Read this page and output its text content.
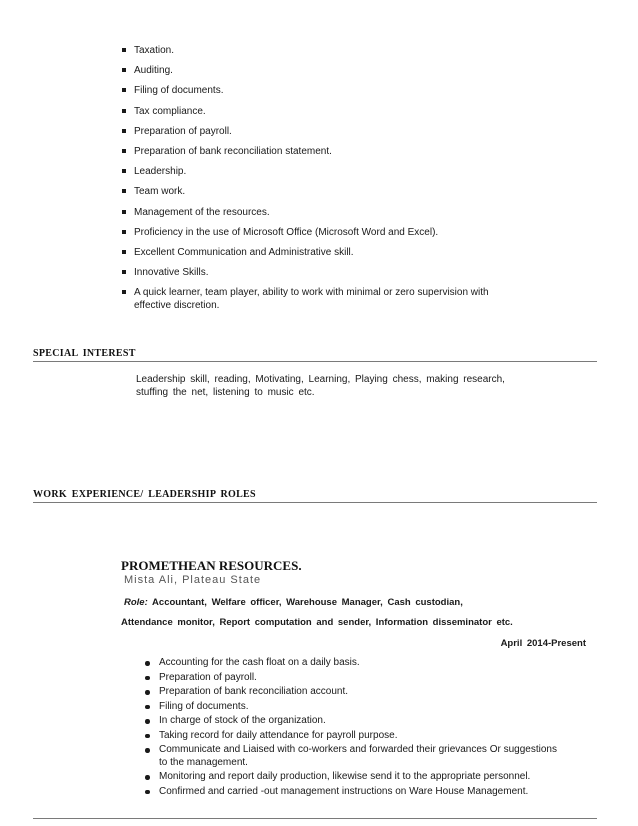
Taxation.
Auditing.
Filing of documents.
Tax compliance.
Preparation of payroll.
Preparation of bank reconciliation statement.
Leadership.
Team work.
Management of the resources.
Proficiency in the use of Microsoft Office (Microsoft Word and Excel).
Excellent Communication and Administrative skill.
Innovative Skills.
A quick learner, team player, ability to work with minimal or zero supervision with effective discretion.
SPECIAL INTEREST
Leadership skill, reading, Motivating, Learning, Playing chess, making research, stuffing the net, listening to music etc.
WORK EXPERIENCE/ LEADERSHIP ROLES
PROMETHEAN RESOURCES.
Mista Ali, Plateau State
Role: Accountant, Welfare officer, Warehouse Manager, Cash custodian,
Attendance monitor, Report computation and sender, Information disseminator etc.
April 2014-Present
Accounting for the cash float on a daily basis.
Preparation of payroll.
Preparation of bank reconciliation account.
Filing of documents.
In charge of stock of the organization.
Taking record for daily attendance for payroll purpose.
Communicate and Liaised with co-workers and forwarded their grievances Or suggestions to the management.
Monitoring and report daily production, likewise send it to the appropriate personnel.
Confirmed and carried -out management instructions on Ware House Management.
